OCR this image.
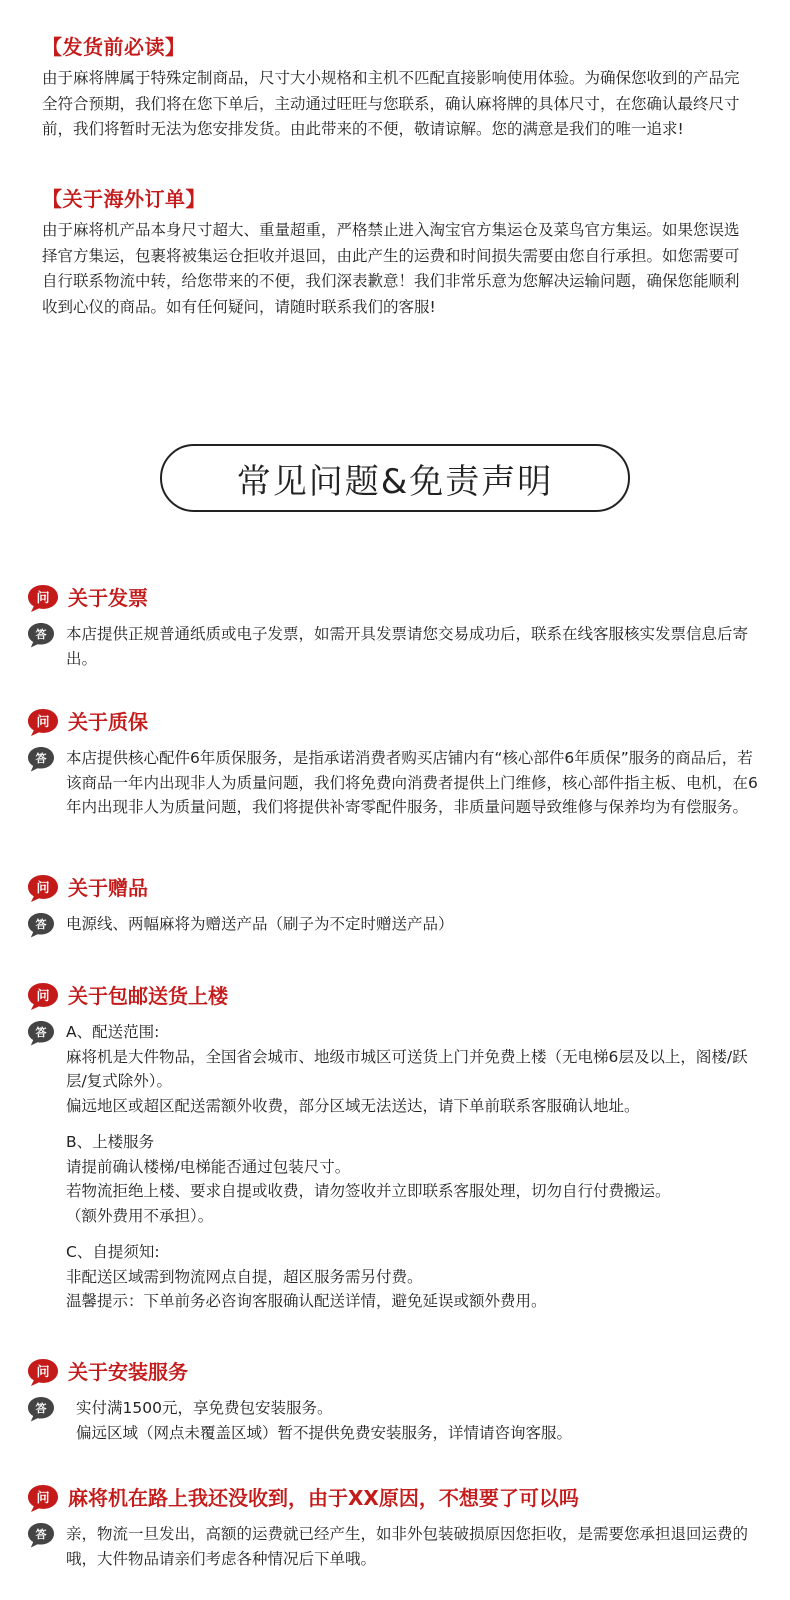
【发货前必读】
由于麻将牌属于特殊定制商品，尺寸大小规格和主机不匹配直接影响使用体验。为确保您收到的产品完全符合预期，我们将在您下单后，主动通过旺旺与您联系，确认麻将牌的具体尺寸，在您确认最终尺寸前，我们将暂时无法为您安排发货。由此带来的不便，敬请谅解。您的满意是我们的唯一追求!
【关于海外订单】
由于麻将机产品本身尺寸超大、重量超重，严格禁止进入淘宝官方集运仓及菜鸟官方集运。如果您误选择官方集运，包裹将被集运仓拒收并退回，由此产生的运费和时间损失需要由您自行承担。如您需要可自行联系物流中转，给您带来的不便，我们深表歉意！我们非常乐意为您解决运输问题，确保您能顺利收到心仪的商品。如有任何疑问，请随时联系我们的客服!
常见问题&免责声明
问 关于发票
答 本店提供正规普通纸质或电子发票，如需开具发票请您交易成功后，联系在线客服核实发票信息后寄出。

问 关于质保
答 本店提供核心配件6年质保服务，是指承诺消费者购买店铺内有“核心部件6年质保”服务的商品后，若该商品一年内出现非人为质量问题，我们将免费向消费者提供上门维修，核心部件指主板、电机，在6年内出现非人为质量问题，我们将提供补寄零配件服务，非质量问题导致维修与保养均为有偿服务。

问 关于赠品
答 电源线、两幅麻将为赠送产品（刷子为不定时赠送产品）

问 关于包邮送货上楼
答 A、配送范围:

麻将机是大件物品，全国省会城市、地级市城区可送货上门并免费上楼（无电梯6层及以上，阁楼/跃层/复式除外）。

偏远地区或超区配送需额外收费，部分区域无法送达，请下单前联系客服确认地址。

B、上楼服务

请提前确认楼梯/电梯能否通过包装尺寸。

若物流拒绝上楼、要求自提或收费，请勿签收并立即联系客服处理，切勿自行付费搬运。

（额外费用不承担）。

C、自提须知:

非配送区域需到物流网点自提，超区服务需另付费。

温馨提示：下单前务必咨询客服确认配送详情，避免延误或额外费用。

问 关于安装服务
答	实付满1500元，享免费包安装服务。

偏远区域（网点未覆盖区域）暂不提供免费安装服务，详情请咨询客服。

问 麻将机在路上我还没收到，由于XX原因，不想要了可以吗
答 亲，物流一旦发出，高额的运费就已经产生，如非外包装破损原因您拒收，是需要您承担退回运费的哦，大件物品请亲们考虑各种情况后下单哦。
